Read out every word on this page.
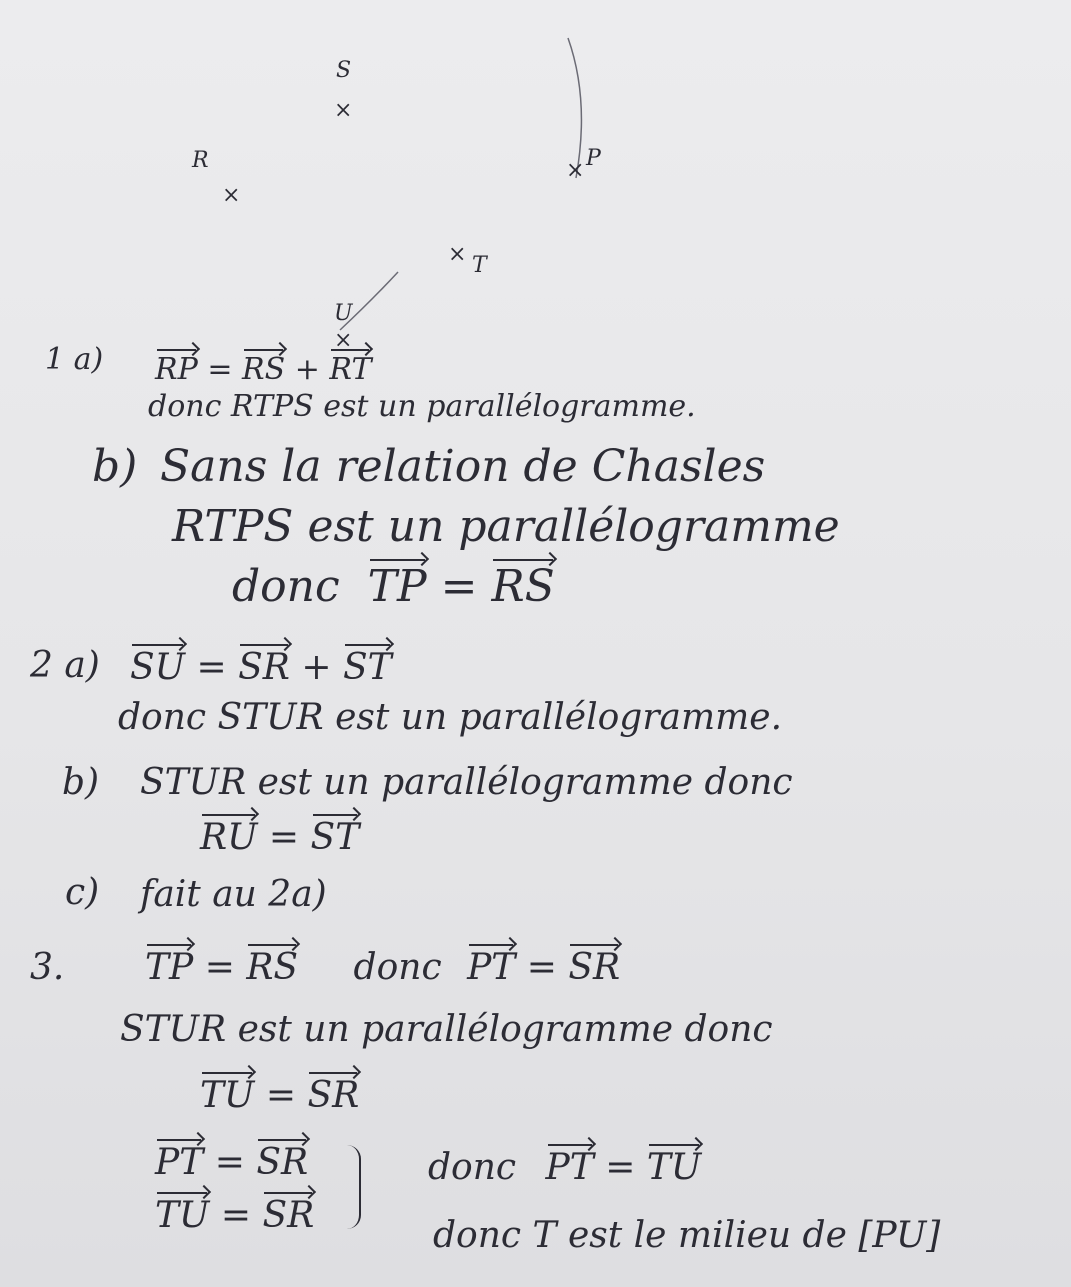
S
×
R
×
P
×
× T
U
×
1 a) RP = RS + RT
donc RTPS est un parallélogramme.
b) Sans la relation de Chasles
RTPS est un parallélogramme
donc TP = RS
2 a) SU = SR + ST
donc STUR est un parallélogramme.
b) STUR est un parallélogramme donc
RU = ST
c) fait au 2a)
3. TP = RS donc PT = SR
STUR est un parallélogramme donc
TU = SR
PT = SR
TU = SR
donc PT = TU
donc T est le milieu de [PU]
